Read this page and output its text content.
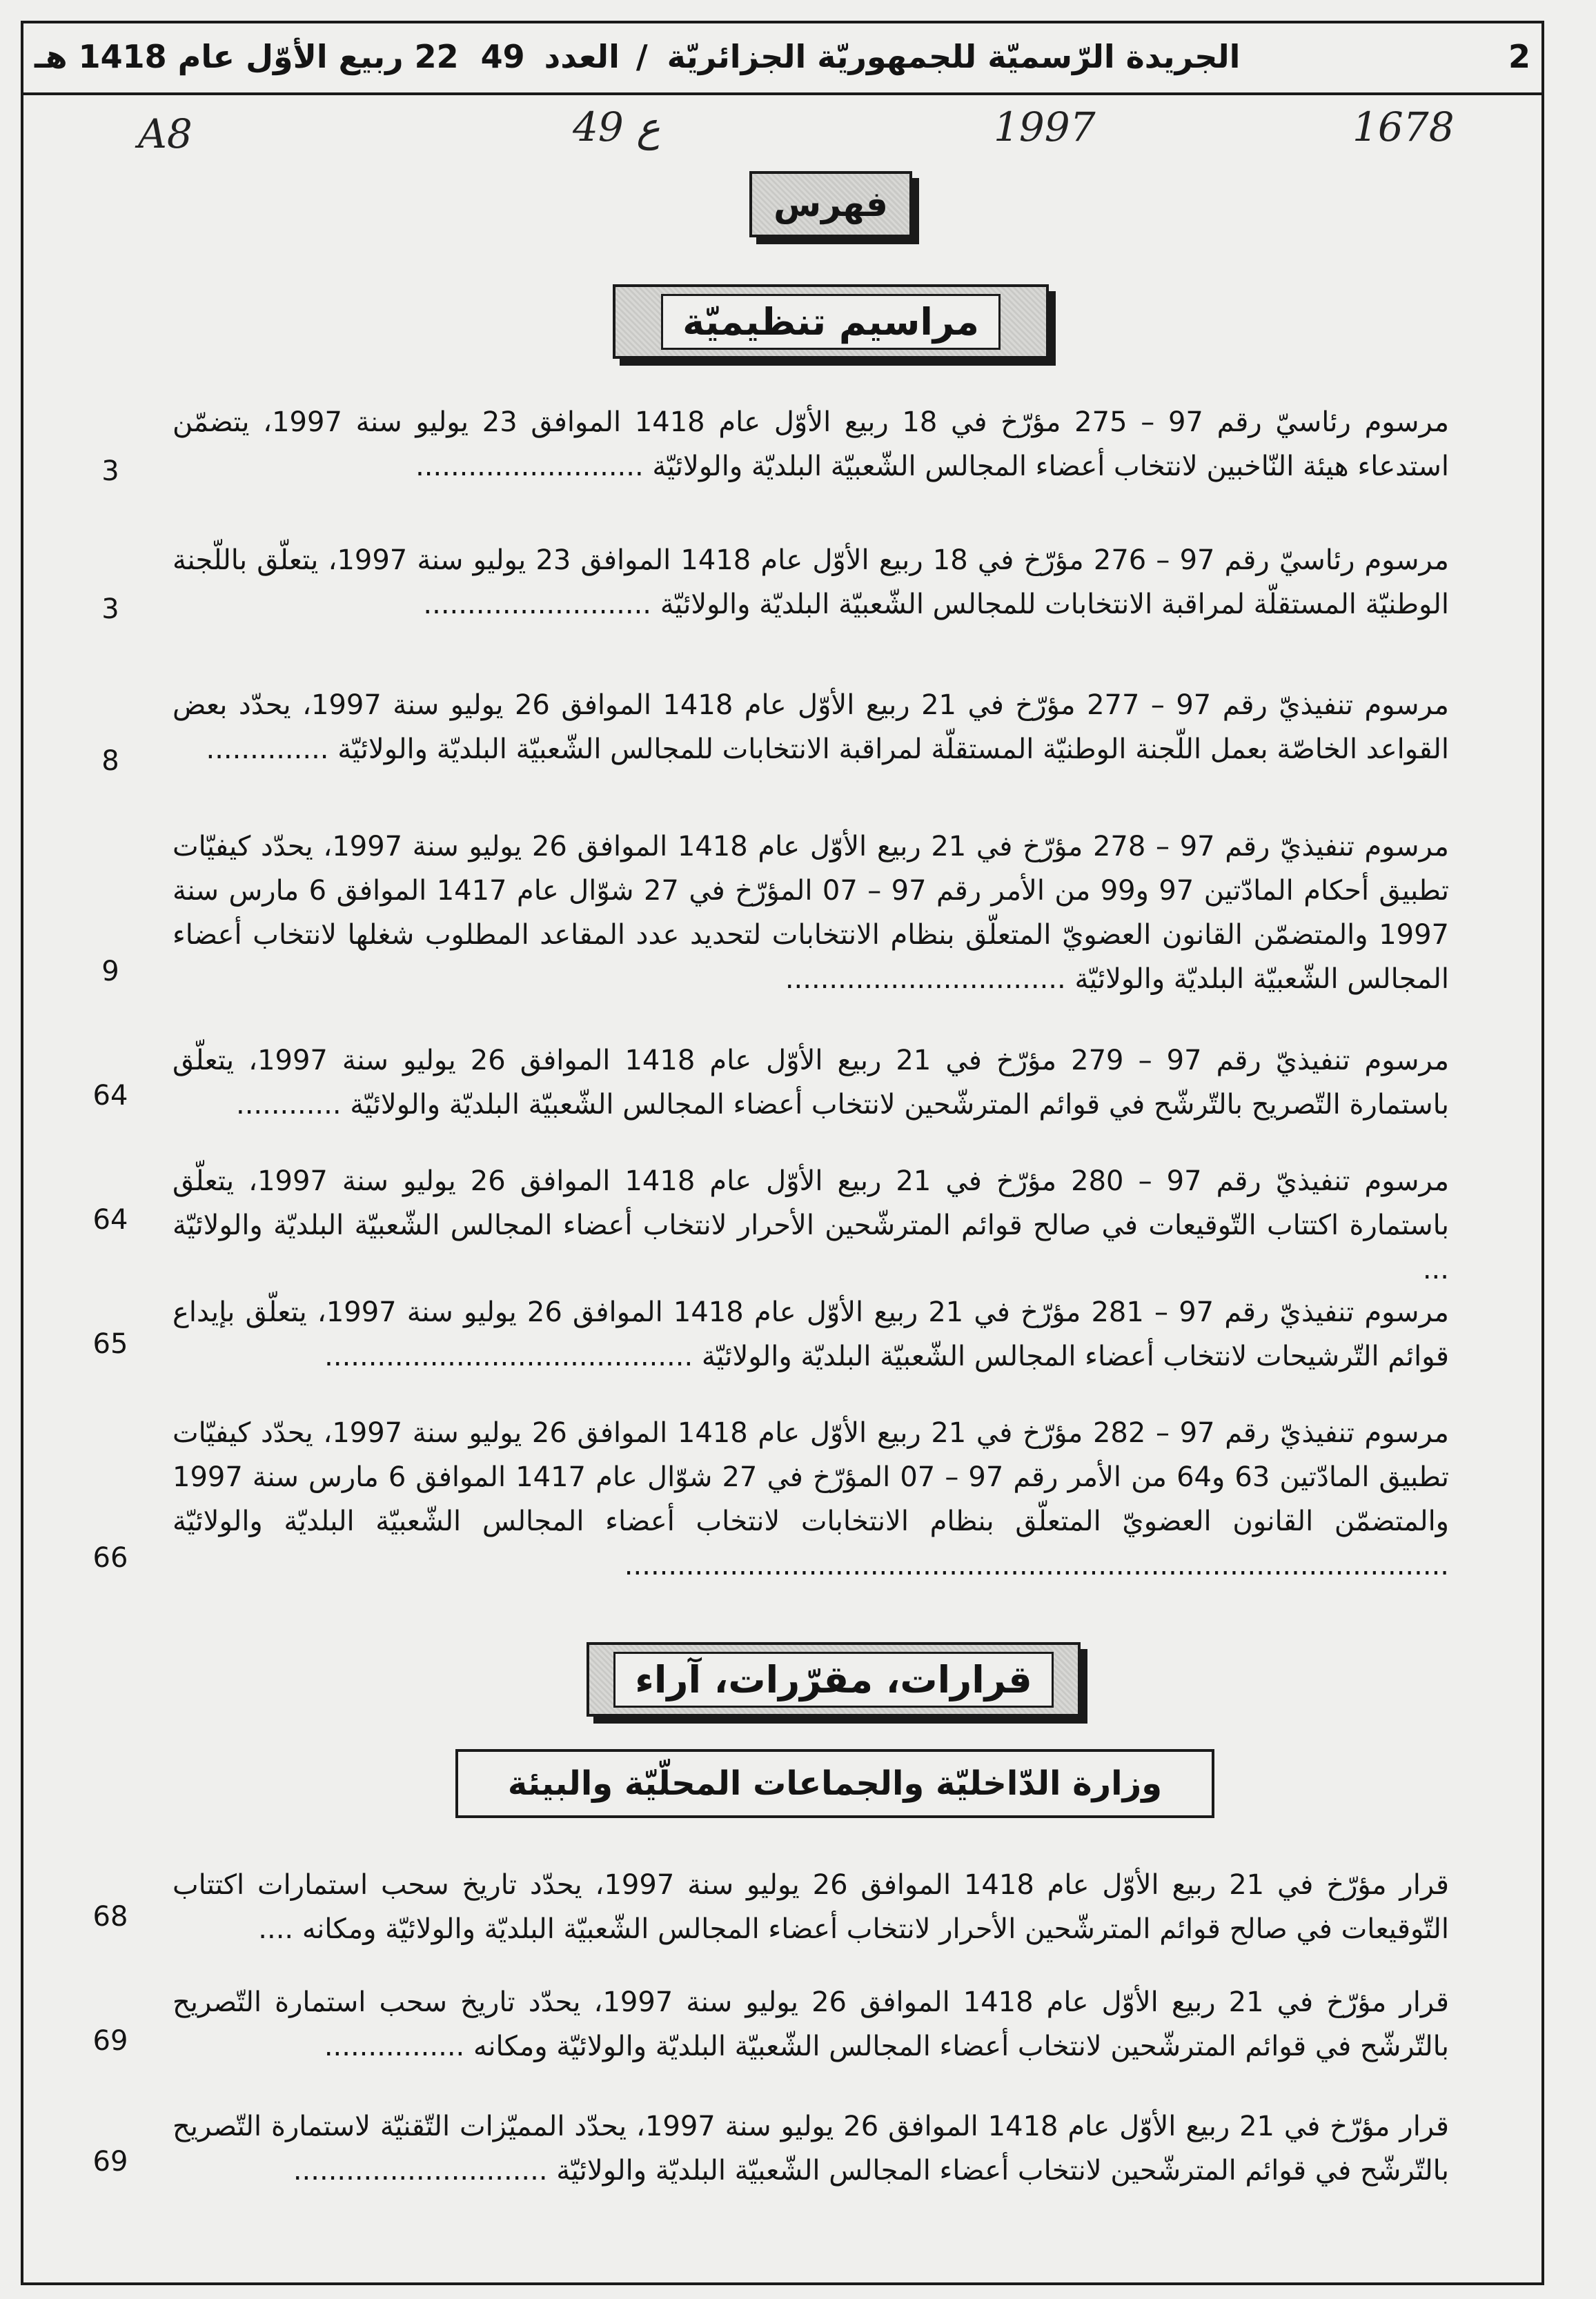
2
الجريدة الرّسميّة للجمهوريّة الجزائريّة
/
العدد
49
22 ربيع الأوّل عام 1418 هـ
A8	49 ع	1997	1678
فهرس
مراسيم تنظيميّة
مرسوم رئاسيّ رقم 97 – 275 مؤرّخ في 18 ربيع الأوّل عام 1418 الموافق 23 يوليو سنة 1997، يتضمّن استدعاء هيئة النّاخبين لانتخاب أعضاء المجالس الشّعبيّة البلديّة والولائيّة ..........................
3
مرسوم رئاسيّ رقم 97 – 276 مؤرّخ في 18 ربيع الأوّل عام 1418 الموافق 23 يوليو سنة 1997، يتعلّق باللّجنة الوطنيّة المستقلّة لمراقبة الانتخابات للمجالس الشّعبيّة البلديّة والولائيّة ..........................
3
مرسوم تنفيذيّ رقم 97 – 277 مؤرّخ في 21 ربيع الأوّل عام 1418 الموافق 26 يوليو سنة 1997، يحدّد بعض القواعد الخاصّة بعمل اللّجنة الوطنيّة المستقلّة لمراقبة الانتخابات للمجالس الشّعبيّة البلديّة والولائيّة ..............
8
مرسوم تنفيذيّ رقم 97 – 278 مؤرّخ في 21 ربيع الأوّل عام 1418 الموافق 26 يوليو سنة 1997، يحدّد كيفيّات تطبيق أحكام المادّتين 97 و99 من الأمر رقم 97 – 07 المؤرّخ في 27 شوّال عام 1417 الموافق 6 مارس سنة 1997 والمتضمّن القانون العضويّ المتعلّق بنظام الانتخابات لتحديد عدد المقاعد المطلوب شغلها لانتخاب أعضاء المجالس الشّعبيّة البلديّة والولائيّة ................................
9
مرسوم تنفيذيّ رقم 97 – 279 مؤرّخ في 21 ربيع الأوّل عام 1418 الموافق 26 يوليو سنة 1997، يتعلّق باستمارة التّصريح بالتّرشّح في قوائم المترشّحين لانتخاب أعضاء المجالس الشّعبيّة البلديّة والولائيّة ............
64
مرسوم تنفيذيّ رقم 97 – 280 مؤرّخ في 21 ربيع الأوّل عام 1418 الموافق 26 يوليو سنة 1997، يتعلّق باستمارة اكتتاب التّوقيعات في صالح قوائم المترشّحين الأحرار لانتخاب أعضاء المجالس الشّعبيّة البلديّة والولائيّة ...
64
مرسوم تنفيذيّ رقم 97 – 281 مؤرّخ في 21 ربيع الأوّل عام 1418 الموافق 26 يوليو سنة 1997، يتعلّق بإيداع قوائم التّرشيحات لانتخاب أعضاء المجالس الشّعبيّة البلديّة والولائيّة ..........................................
65
مرسوم تنفيذيّ رقم 97 – 282 مؤرّخ في 21 ربيع الأوّل عام 1418 الموافق 26 يوليو سنة 1997، يحدّد كيفيّات تطبيق المادّتين 63 و64 من الأمر رقم 97 – 07 المؤرّخ في 27 شوّال عام 1417 الموافق 6 مارس سنة 1997 والمتضمّن القانون العضويّ المتعلّق بنظام الانتخابات لانتخاب أعضاء المجالس الشّعبيّة البلديّة والولائيّة ..............................................................................................
66
قرارات، مقرّرات، آراء
وزارة الدّاخليّة والجماعات المحلّيّة والبيئة
قرار مؤرّخ في 21 ربيع الأوّل عام 1418 الموافق 26 يوليو سنة 1997، يحدّد تاريخ سحب استمارات اكتتاب التّوقيعات في صالح قوائم المترشّحين الأحرار لانتخاب أعضاء المجالس الشّعبيّة البلديّة والولائيّة ومكانه ....
68
قرار مؤرّخ في 21 ربيع الأوّل عام 1418 الموافق 26 يوليو سنة 1997، يحدّد تاريخ سحب استمارة التّصريح بالتّرشّح في قوائم المترشّحين لانتخاب أعضاء المجالس الشّعبيّة البلديّة والولائيّة ومكانه ................
69
قرار مؤرّخ في 21 ربيع الأوّل عام 1418 الموافق 26 يوليو سنة 1997، يحدّد المميّزات التّقنيّة لاستمارة التّصريح بالتّرشّح في قوائم المترشّحين لانتخاب أعضاء المجالس الشّعبيّة البلديّة والولائيّة .............................
69
